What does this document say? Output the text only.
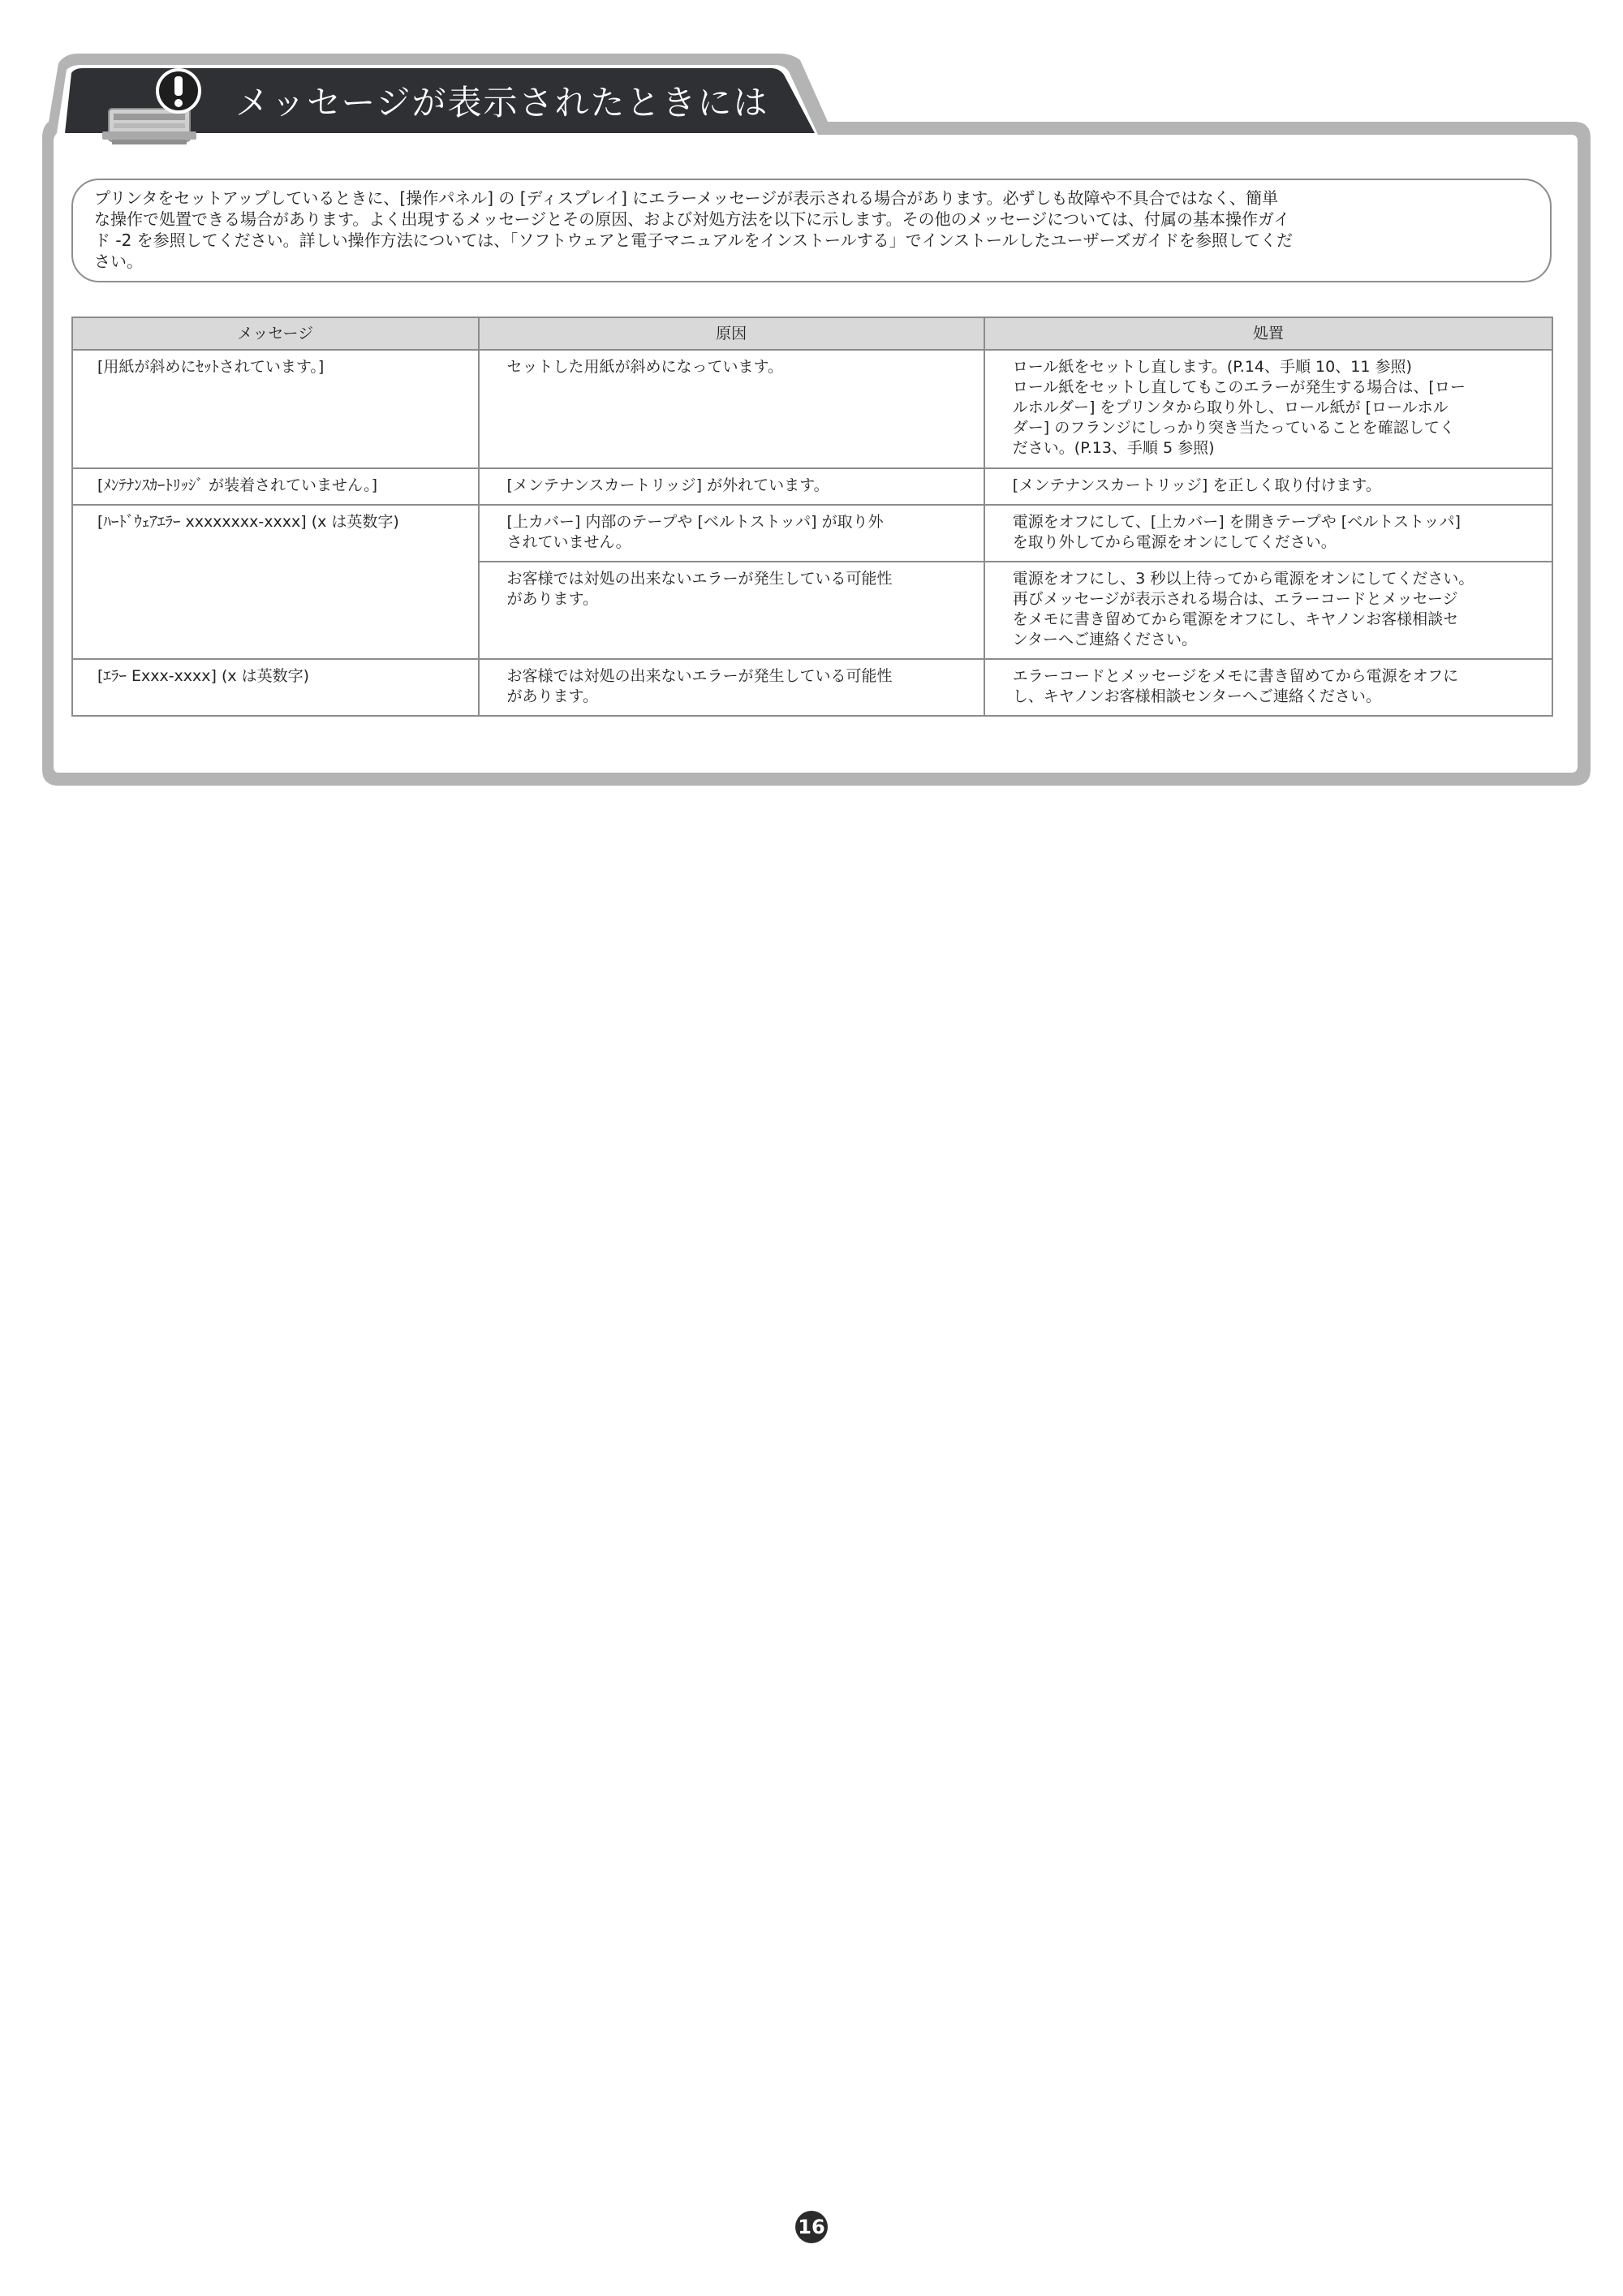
メッセージが表示されたときには
プリンタをセットアップしているときに、[操作パネル] の [ディスプレイ] にエラーメッセージが表示される場合があります。必ずしも故障や不具合ではなく、簡単
な操作で処置できる場合があります。よく出現するメッセージとその原因、および対処方法を以下に示します。その他のメッセージについては、付属の基本操作ガイ
ド -2 を参照してください。詳しい操作方法については、「ソフトウェアと電子マニュアルをインストールする」でインストールしたユーザーズガイドを参照してくだ
さい。
メッセージ	原因	処置

[用紙が斜めにｾｯﾄされています。]	セットした用紙が斜めになっています。	ロール紙をセットし直します。(P.14、手順 10、11 参照)
ロール紙をセットし直してもこのエラーが発生する場合は、[ロー
ルホルダー] をプリンタから取り外し、ロール紙が [ロールホル
ダー] のフランジにしっかり突き当たっていることを確認してく
ださい。(P.13、手順 5 参照)

[ﾒﾝﾃﾅﾝｽｶｰﾄﾘｯｼﾞ が装着されていません。]	[メンテナンスカートリッジ] が外れています。	[メンテナンスカートリッジ] を正しく取り付けます。

[ﾊｰﾄﾞｳｪｱｴﾗｰ xxxxxxxx-xxxx] (x は英数字)	[上カバー] 内部のテープや [ベルトストッパ] が取り外
されていません。	電源をオフにして、[上カバー] を開きテープや [ベルトストッパ]
を取り外してから電源をオンにしてください。

	お客様では対処の出来ないエラーが発生している可能性
があります。	電源をオフにし、3 秒以上待ってから電源をオンにしてください。
再びメッセージが表示される場合は、エラーコードとメッセージ
をメモに書き留めてから電源をオフにし、キヤノンお客様相談セ
ンターへご連絡ください。

[ｴﾗｰ Exxx-xxxx] (x は英数字)	お客様では対処の出来ないエラーが発生している可能性
があります。	エラーコードとメッセージをメモに書き留めてから電源をオフに
し、キヤノンお客様相談センターへご連絡ください。
16
